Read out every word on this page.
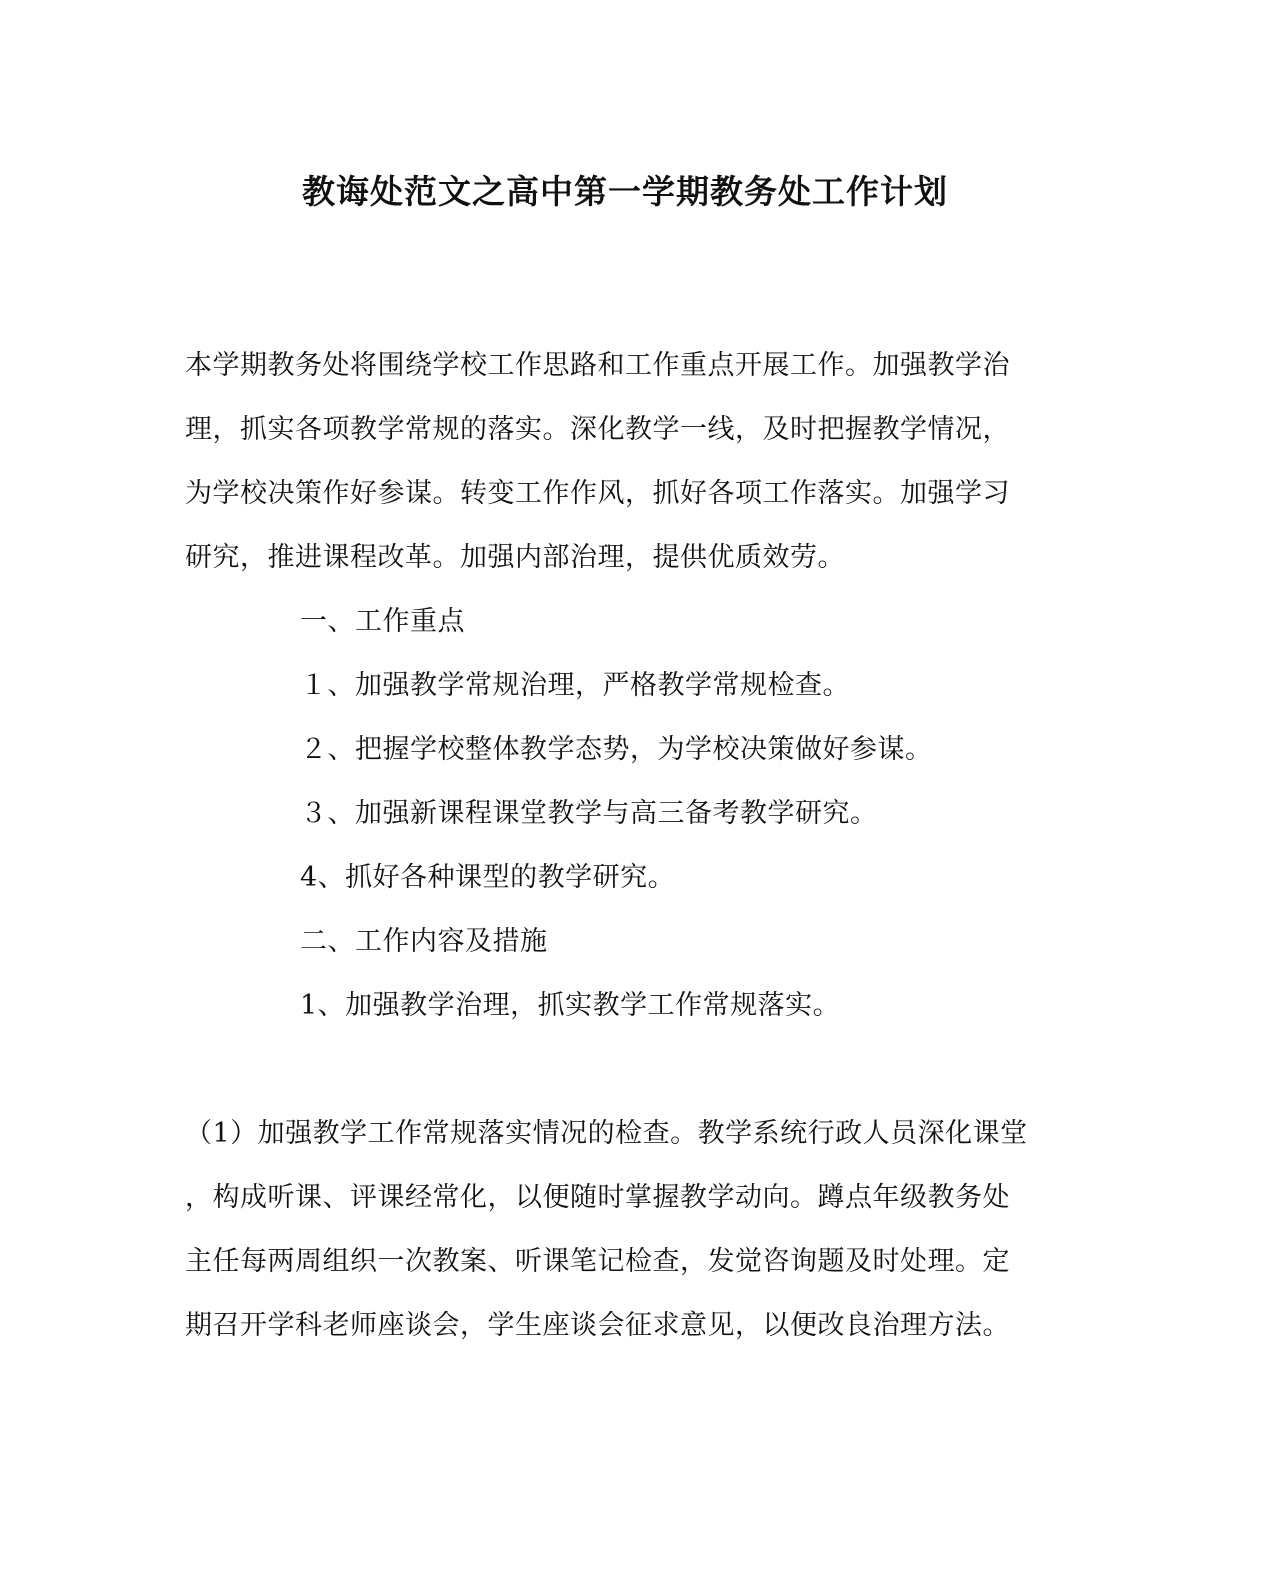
教诲处范文之高中第一学期教务处工作计划
本学期教务处将围绕学校工作思路和工作重点开展工作。加强教学治
理，抓实各项教学常规的落实。深化教学一线，及时把握教学情况，
为学校决策作好参谋。转变工作作风，抓好各项工作落实。加强学习
研究，推进课程改革。加强内部治理，提供优质效劳。
一、工作重点
１、加强教学常规治理，严格教学常规检查。
２、把握学校整体教学态势，为学校决策做好参谋。
３、加强新课程课堂教学与高三备考教学研究。
4、抓好各种课型的教学研究。
二、工作内容及措施
1、加强教学治理，抓实教学工作常规落实。
（1）加强教学工作常规落实情况的检查。教学系统行政人员深化课堂
，构成听课、评课经常化，以便随时掌握教学动向。蹲点年级教务处
主任每两周组织一次教案、听课笔记检查，发觉咨询题及时处理。定
期召开学科老师座谈会，学生座谈会征求意见，以便改良治理方法。
